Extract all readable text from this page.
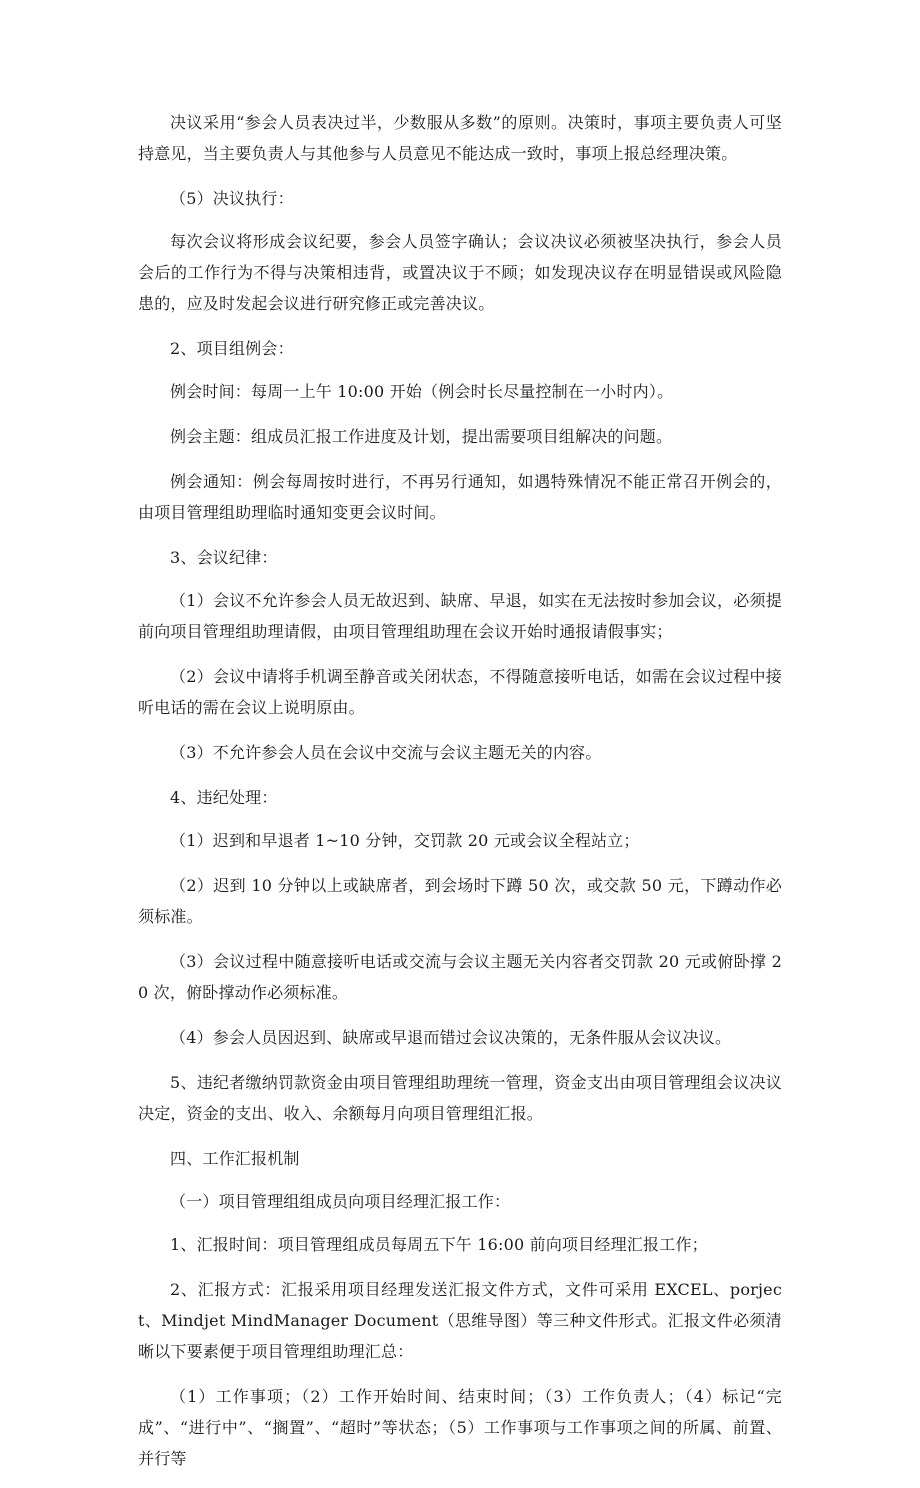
决议采用“参会人员表决过半，少数服从多数”的原则。决策时，事项主要负责人可坚持意见，当主要负责人与其他参与人员意见不能达成一致时，事项上报总经理决策。

（5）决议执行：

每次会议将形成会议纪要，参会人员签字确认；会议决议必须被坚决执行，参会人员会后的工作行为不得与决策相违背，或置决议于不顾；如发现决议存在明显错误或风险隐患的，应及时发起会议进行研究修正或完善决议。

2、项目组例会：

例会时间：每周一上午 10:00 开始（例会时长尽量控制在一小时内）。

例会主题：组成员汇报工作进度及计划，提出需要项目组解决的问题。

例会通知：例会每周按时进行，不再另行通知，如遇特殊情况不能正常召开例会的，由项目管理组助理临时通知变更会议时间。

3、会议纪律：

（1）会议不允许参会人员无故迟到、缺席、早退，如实在无法按时参加会议，必须提前向项目管理组助理请假，由项目管理组助理在会议开始时通报请假事实；

（2）会议中请将手机调至静音或关闭状态，不得随意接听电话，如需在会议过程中接听电话的需在会议上说明原由。

（3）不允许参会人员在会议中交流与会议主题无关的内容。

4、违纪处理：

（1）迟到和早退者 1~10 分钟，交罚款 20 元或会议全程站立；

（2）迟到 10 分钟以上或缺席者，到会场时下蹲 50 次，或交款 50 元，下蹲动作必须标准。

（3）会议过程中随意接听电话或交流与会议主题无关内容者交罚款 20 元或俯卧撑 20 次，俯卧撑动作必须标准。

（4）参会人员因迟到、缺席或早退而错过会议决策的，无条件服从会议决议。

5、违纪者缴纳罚款资金由项目管理组助理统一管理，资金支出由项目管理组会议决议决定，资金的支出、收入、余额每月向项目管理组汇报。

四、工作汇报机制

（一）项目管理组组成员向项目经理汇报工作：

1、汇报时间：项目管理组成员每周五下午 16:00 前向项目经理汇报工作；

2、汇报方式：汇报采用项目经理发送汇报文件方式，文件可采用 EXCEL、porject、Mindjet MindManager Document（思维导图）等三种文件形式。汇报文件必须清晰以下要素便于项目管理组助理汇总：

（1）工作事项；（2）工作开始时间、结束时间；（3）工作负责人；（4）标记“完成”、“进行中”、“搁置”、“超时”等状态；（5）工作事项与工作事项之间的所属、前置、并行等
